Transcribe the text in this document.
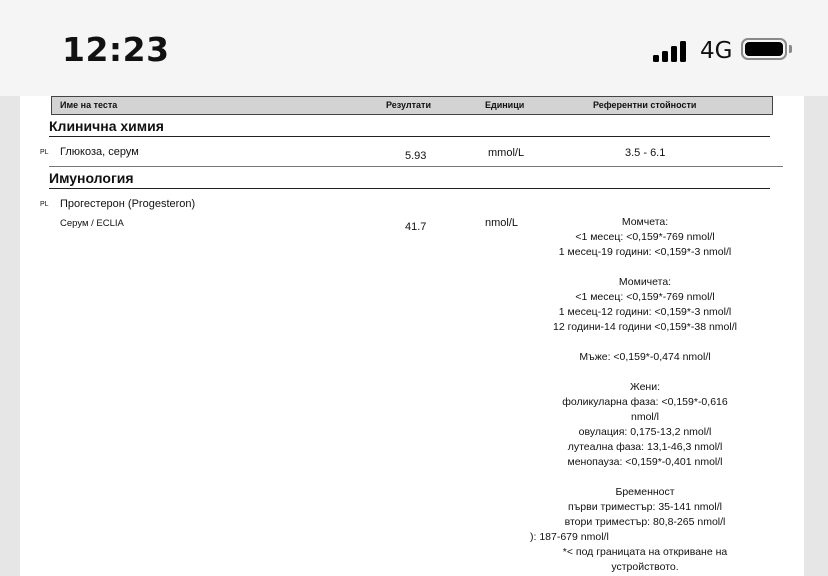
12:23	4G
Име на теста	Резултати	Единици	Референтни стойности
Клинична химия
PL Глюкоза, серум	5.93	mmol/L	3.5 - 6.1
Имунология
PL Прогестерон (Progesteron)
Серум / ECLIA	41.7	nmol/L	Момчета:
<1 месец: <0,159*-769 nmol/l
1 месец-19 години: <0,159*-3 nmol/l
Момичета:
<1 месец: <0,159*-769 nmol/l
1 месец-12 години: <0,159*-3 nmol/l
12 години-14 години <0,159*-38 nmol/l
Мъже: <0,159*-0,474 nmol/l
Жени:
фоликуларна фаза: <0,159*-0,616
nmol/l
овулация: 0,175-13,2 nmol/l
лутеална фаза: 13,1-46,3 nmol/l
менопауза: <0,159*-0,401 nmol/l
Бременност
първи триместър: 35-141 nmol/l
втори триместър: 80,8-265 nmol/l
): 187-679 nmol/l
*< под границата на откриване на
устройството.
